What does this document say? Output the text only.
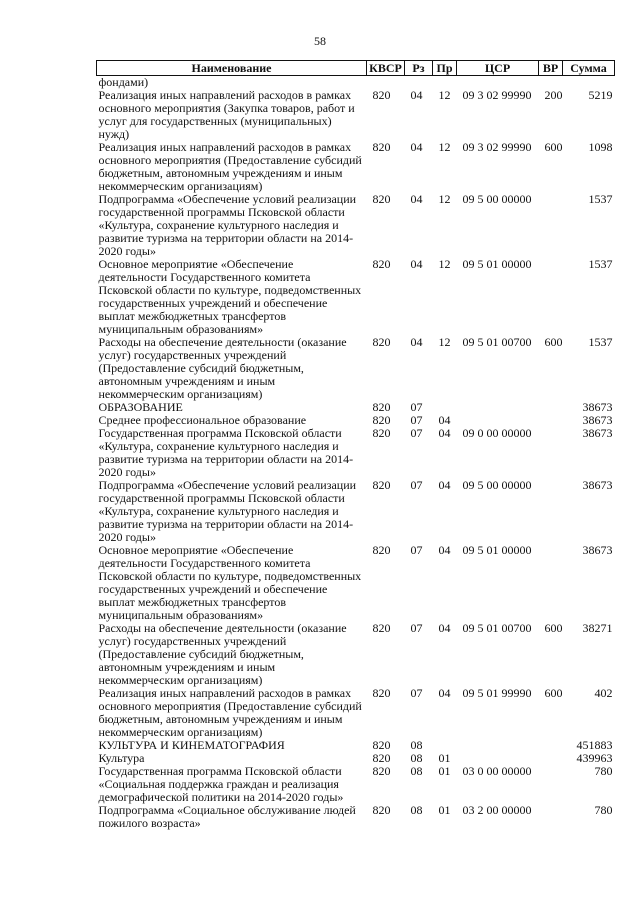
58
Наименование	КВСР	Рз	Пр	ЦСР	ВР	Сумма
фондами)						
Реализация иных направлений расходов в рамках основного мероприятия (Закупка товаров, работ и услуг для государственных (муниципальных) нужд)	820	04	12	09 3 02 99990	200	5219
Реализация иных направлений расходов в рамках основного мероприятия (Предоставление субсидий бюджетным, автономным учреждениям и иным некоммерческим организациям)	820	04	12	09 3 02 99990	600	1098
Подпрограмма «Обеспечение условий реализации государственной программы Псковской области «Культура, сохранение культурного наследия и развитие туризма на территории области на 2014-2020 годы»	820	04	12	09 5 00 00000		1537
Основное мероприятие «Обеспечение деятельности Государственного комитета Псковской области по культуре, подведомственных государственных учреждений и обеспечение выплат межбюджетных трансфертов муниципальным образованиям»	820	04	12	09 5 01 00000		1537
Расходы на обеспечение деятельности (оказание услуг) государственных учреждений (Предоставление субсидий бюджетным, автономным учреждениям и иным некоммерческим организациям)	820	04	12	09 5 01 00700	600	1537
ОБРАЗОВАНИЕ	820	07				38673
Среднее профессиональное образование	820	07	04			38673
Государственная программа Псковской области «Культура, сохранение культурного наследия и развитие туризма на территории области на 2014-2020 годы»	820	07	04	09 0 00 00000		38673
Подпрограмма «Обеспечение условий реализации государственной программы Псковской области «Культура, сохранение культурного наследия и развитие туризма на территории области на 2014-2020 годы»	820	07	04	09 5 00 00000		38673
Основное мероприятие «Обеспечение деятельности Государственного комитета Псковской области по культуре, подведомственных государственных учреждений и обеспечение выплат межбюджетных трансфертов муниципальным образованиям»	820	07	04	09 5 01 00000		38673
Расходы на обеспечение деятельности (оказание услуг) государственных учреждений (Предоставление субсидий бюджетным, автономным учреждениям и иным некоммерческим организациям)	820	07	04	09 5 01 00700	600	38271
Реализация иных направлений расходов в рамках основного мероприятия (Предоставление субсидий бюджетным, автономным учреждениям и иным некоммерческим организациям)	820	07	04	09 5 01 99990	600	402
КУЛЬТУРА И КИНЕМАТОГРАФИЯ	820	08				451883
Культура	820	08	01			439963
Государственная программа Псковской области «Социальная поддержка граждан и реализация демографической политики на 2014-2020 годы»	820	08	01	03 0 00 00000		780
Подпрограмма «Социальное обслуживание людей пожилого возраста»	820	08	01	03 2 00 00000		780
